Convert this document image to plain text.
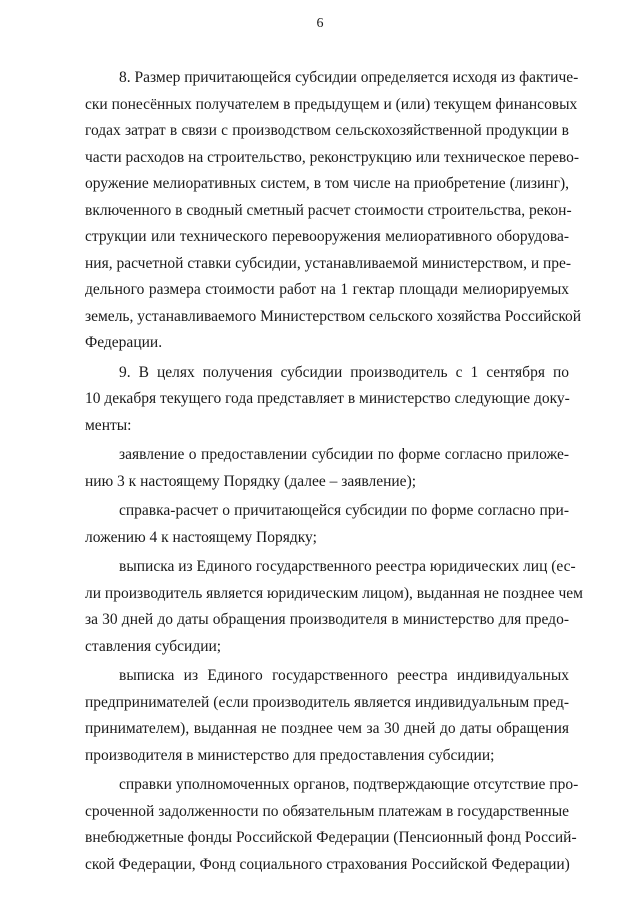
6
8. Размер причитающейся субсидии определяется исходя из фактиче-
ски понесённых получателем в предыдущем и (или) текущем финансовых
годах затрат в связи с производством сельскохозяйственной продукции в
части расходов на строительство, реконструкцию или техническое перево-
оружение мелиоративных систем, в том числе на приобретение (лизинг),
включенного в сводный сметный расчет стоимости строительства, рекон-
струкции или технического перевооружения мелиоративного оборудова-
ния, расчетной ставки субсидии, устанавливаемой министерством, и пре-
дельного размера стоимости работ на 1 гектар площади мелиорируемых
земель, устанавливаемого Министерством сельского хозяйства Российской
Федерации.
9. В целях получения субсидии производитель с 1 сентября по
10 декабря текущего года представляет в министерство следующие доку-
менты:
заявление о предоставлении субсидии по форме согласно приложе-
нию 3 к настоящему Порядку (далее – заявление);
справка-расчет о причитающейся субсидии по форме согласно при-
ложению 4 к настоящему Порядку;
выписка из Единого государственного реестра юридических лиц (ес-
ли производитель является юридическим лицом), выданная не позднее чем
за 30 дней до даты обращения производителя в министерство для предо-
ставления субсидии;
выписка из Единого государственного реестра индивидуальных
предпринимателей (если производитель является индивидуальным пред-
принимателем), выданная не позднее чем за 30 дней до даты обращения
производителя в министерство для предоставления субсидии;
справки уполномоченных органов, подтверждающие отсутствие про-
сроченной задолженности по обязательным платежам в государственные
внебюджетные фонды Российской Федерации (Пенсионный фонд Россий-
ской Федерации, Фонд социального страхования Российской Федерации)
